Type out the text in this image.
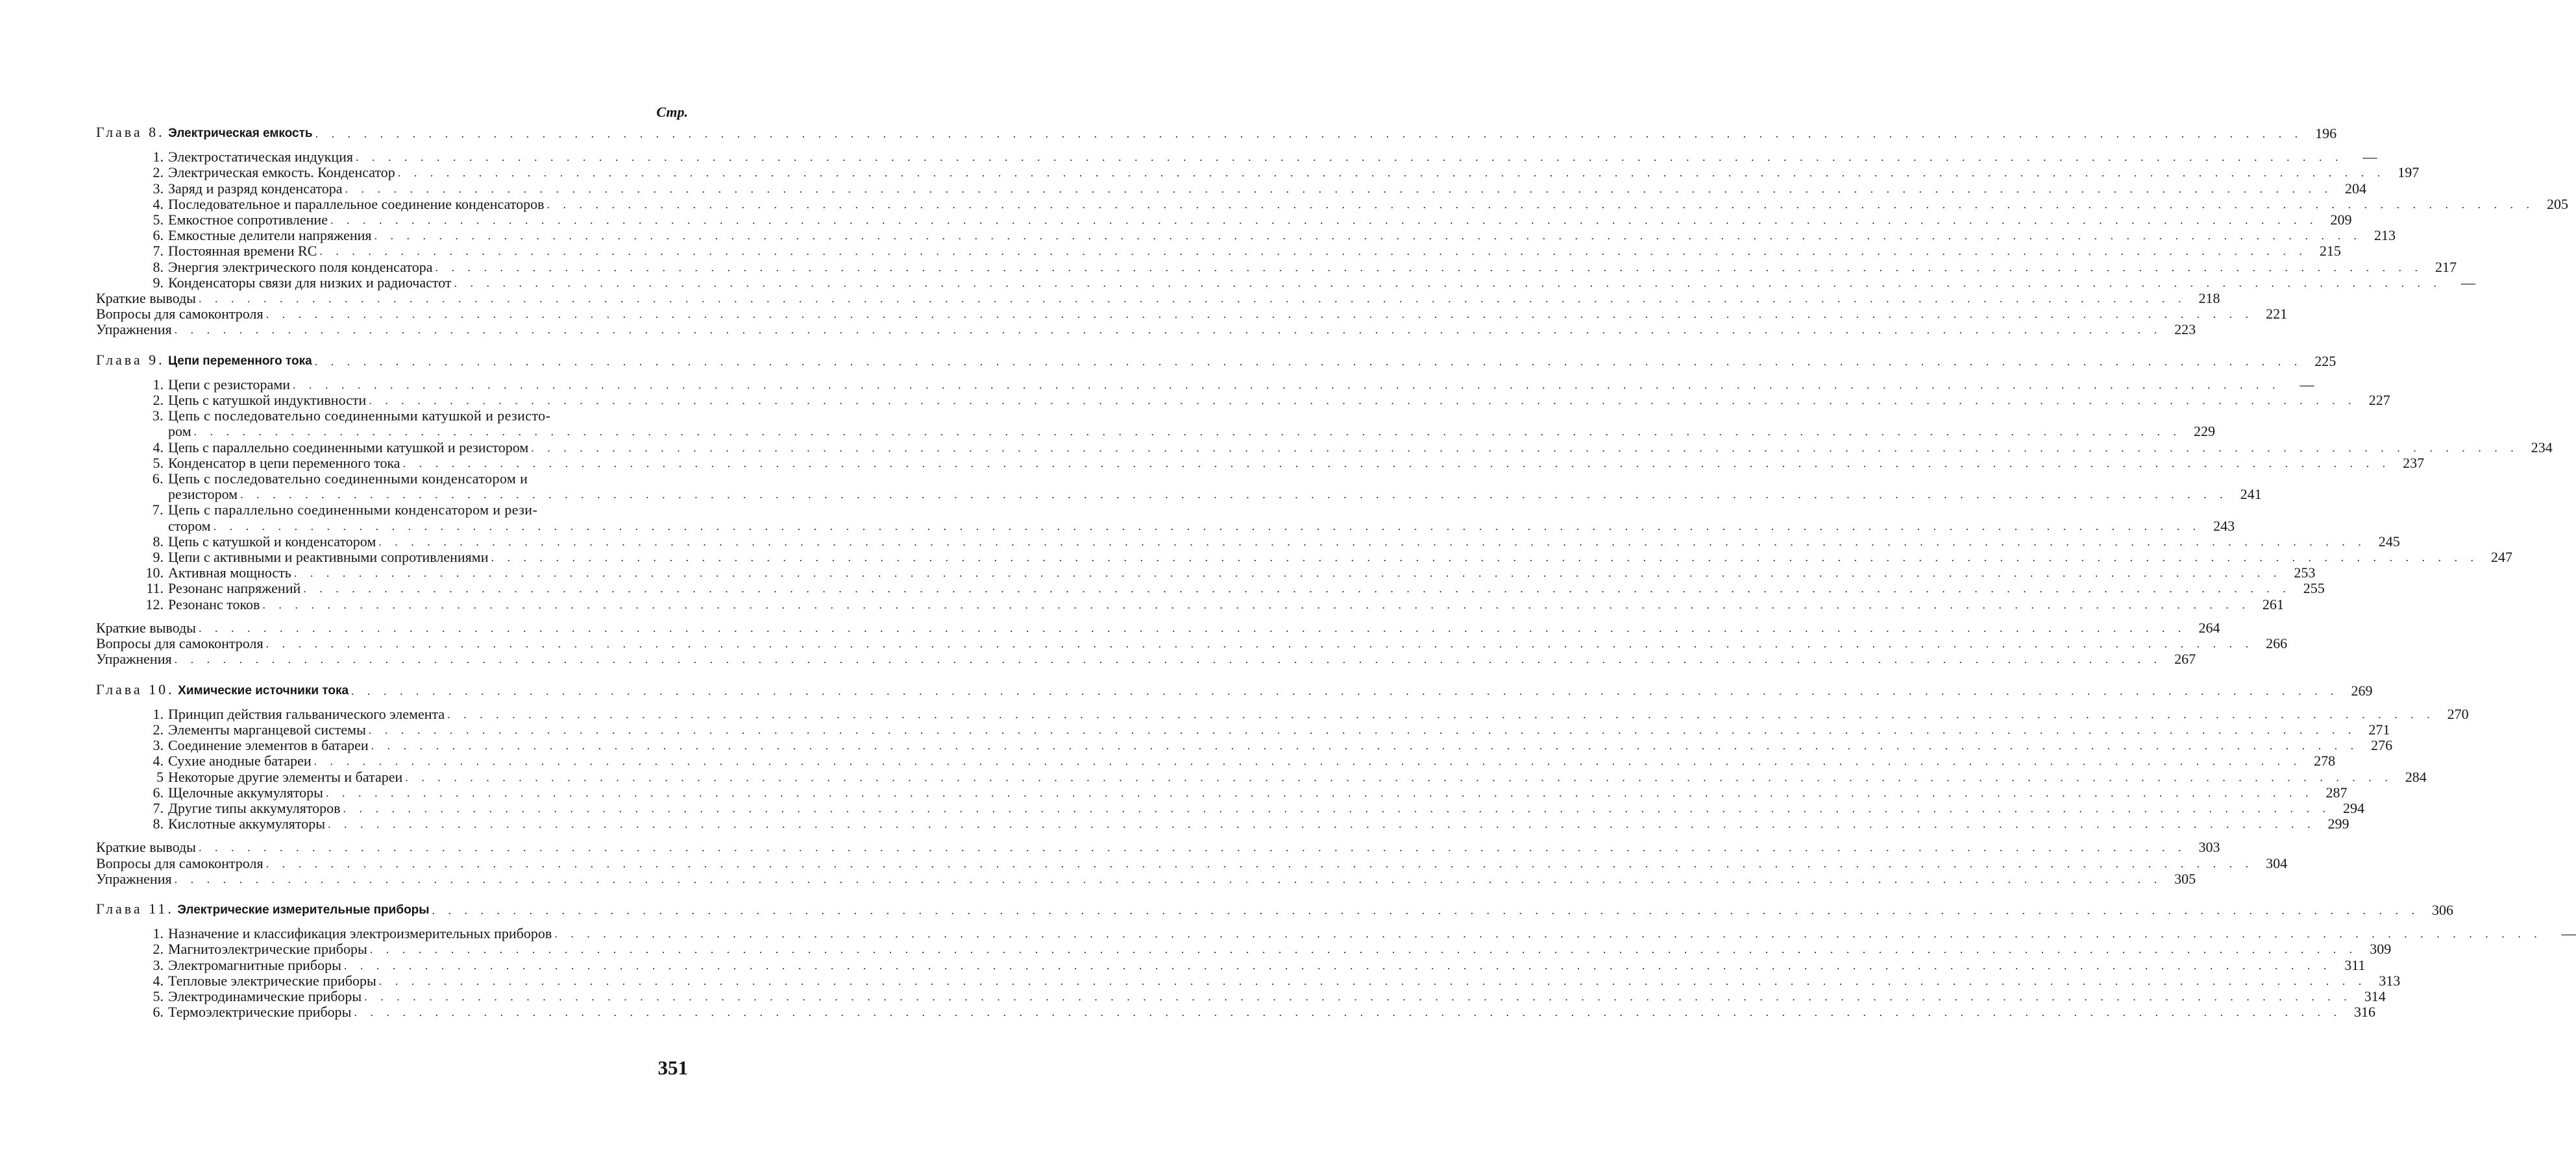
Стр.
Глава 8. Электрическая емкость . . .	196
1. Электростатическая индукция . . .	—
2. Электрическая емкость. Конденсатор . . .	197
3. Заряд и разряд конденсатора . . .	204
4. Последовательное и параллельное соединение конденсаторов . . .	205
5. Емкостное сопротивление . . .	209
6. Емкостные делители напряжения . . .	213
7. Постоянная времени RC . . .	215
8. Энергия электрического поля конденсатора . . .	217
9. Конденсаторы связи для низких и радиочастот . . .	—
Краткие выводы . . .	218
Вопросы для самоконтроля . . .	221
Упражнения . . .	223
Глава 9. Цепи переменного тока . . .	225
1. Цепи с резисторами . . .	—
2. Цепь с катушкой индуктивности . . .	227
3. Цепь с последовательно соединенными катушкой и резисто-
ром . . .	229
4. Цепь с параллельно соединенными катушкой и резистором . . .	234
5. Конденсатор в цепи переменного тока . . .	237
6. Цепь с последовательно соединенными конденсатором и
резистором . . .	241
7. Цепь с параллельно соединенными конденсатором и рези-
стором . . .	243
8. Цепь с катушкой и конденсатором . . .	245
9. Цепи с активными и реактивными сопротивлениями . . .	247
10. Активная мощность . . .	253
11. Резонанс напряжений . . .	255
12. Резонанс токов . . .	261
Краткие выводы . . .	264
Вопросы для самоконтроля . . .	266
Упражнения . . .	267
Глава 10. Химические источники тока . . .	269
1. Принцип действия гальванического элемента . . .	270
2. Элементы марганцевой системы . . .	271
3. Соединение элементов в батареи . . .	276
4. Сухие анодные батареи . . .	278
5 Некоторые другие элементы и батареи . . .	284
6. Щелочные аккумуляторы . . .	287
7. Другие типы аккумуляторов . . .	294
8. Кислотные аккумуляторы . . .	299
Краткие выводы . . .	303
Вопросы для самоконтроля . . .	304
Упражнения . . .	305
Глава 11. Электрические измерительные приборы . . .	306
1. Назначение и классификация электроизмерительных приборов . . .	—
2. Магнитоэлектрические приборы . . .	309
3. Электромагнитные приборы . . .	311
4. Тепловые электрические приборы . . .	313
5. Электродинамические приборы . . .	314
6. Термоэлектрические приборы . . .	316
351
